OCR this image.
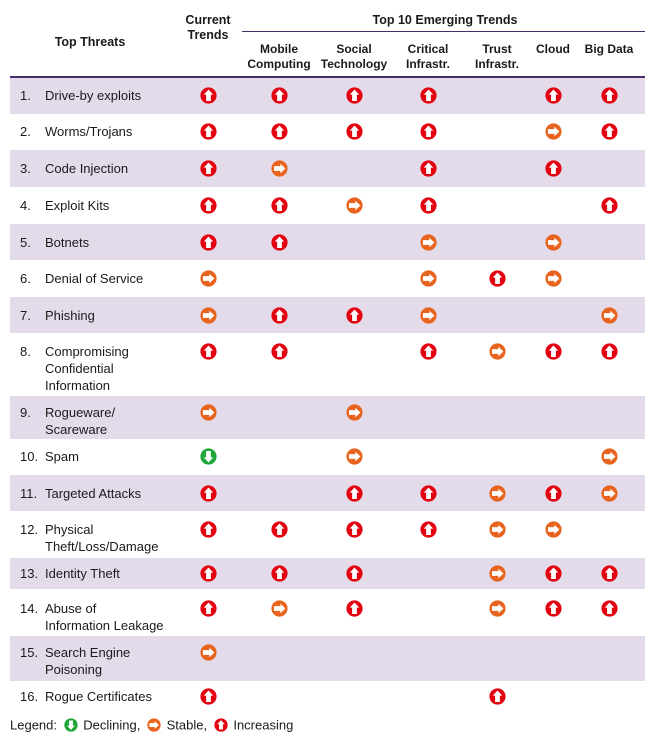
Top Threats
Current
Trends
Top 10 Emerging Trends
Mobile
Computing
Social
Technology
Critical
Infrastr.
Trust
Infrastr.
Cloud	Big Data
1. Drive-by exploits
2. Worms/Trojans
3. Code Injection
4. Exploit Kits
5. Botnets
6. Denial of Service
7. Phishing
8. Compromising
Confidential
Information
9. Rogueware/
Scareware
10. Spam
11. Targeted Attacks
12. Physical
Theft/Loss/Damage
13. Identity Theft
14. Abuse of
Information Leakage
15. Search Engine
Poisoning
16. Rogue Certificates
Legend: Declining, Stable, Increasing
